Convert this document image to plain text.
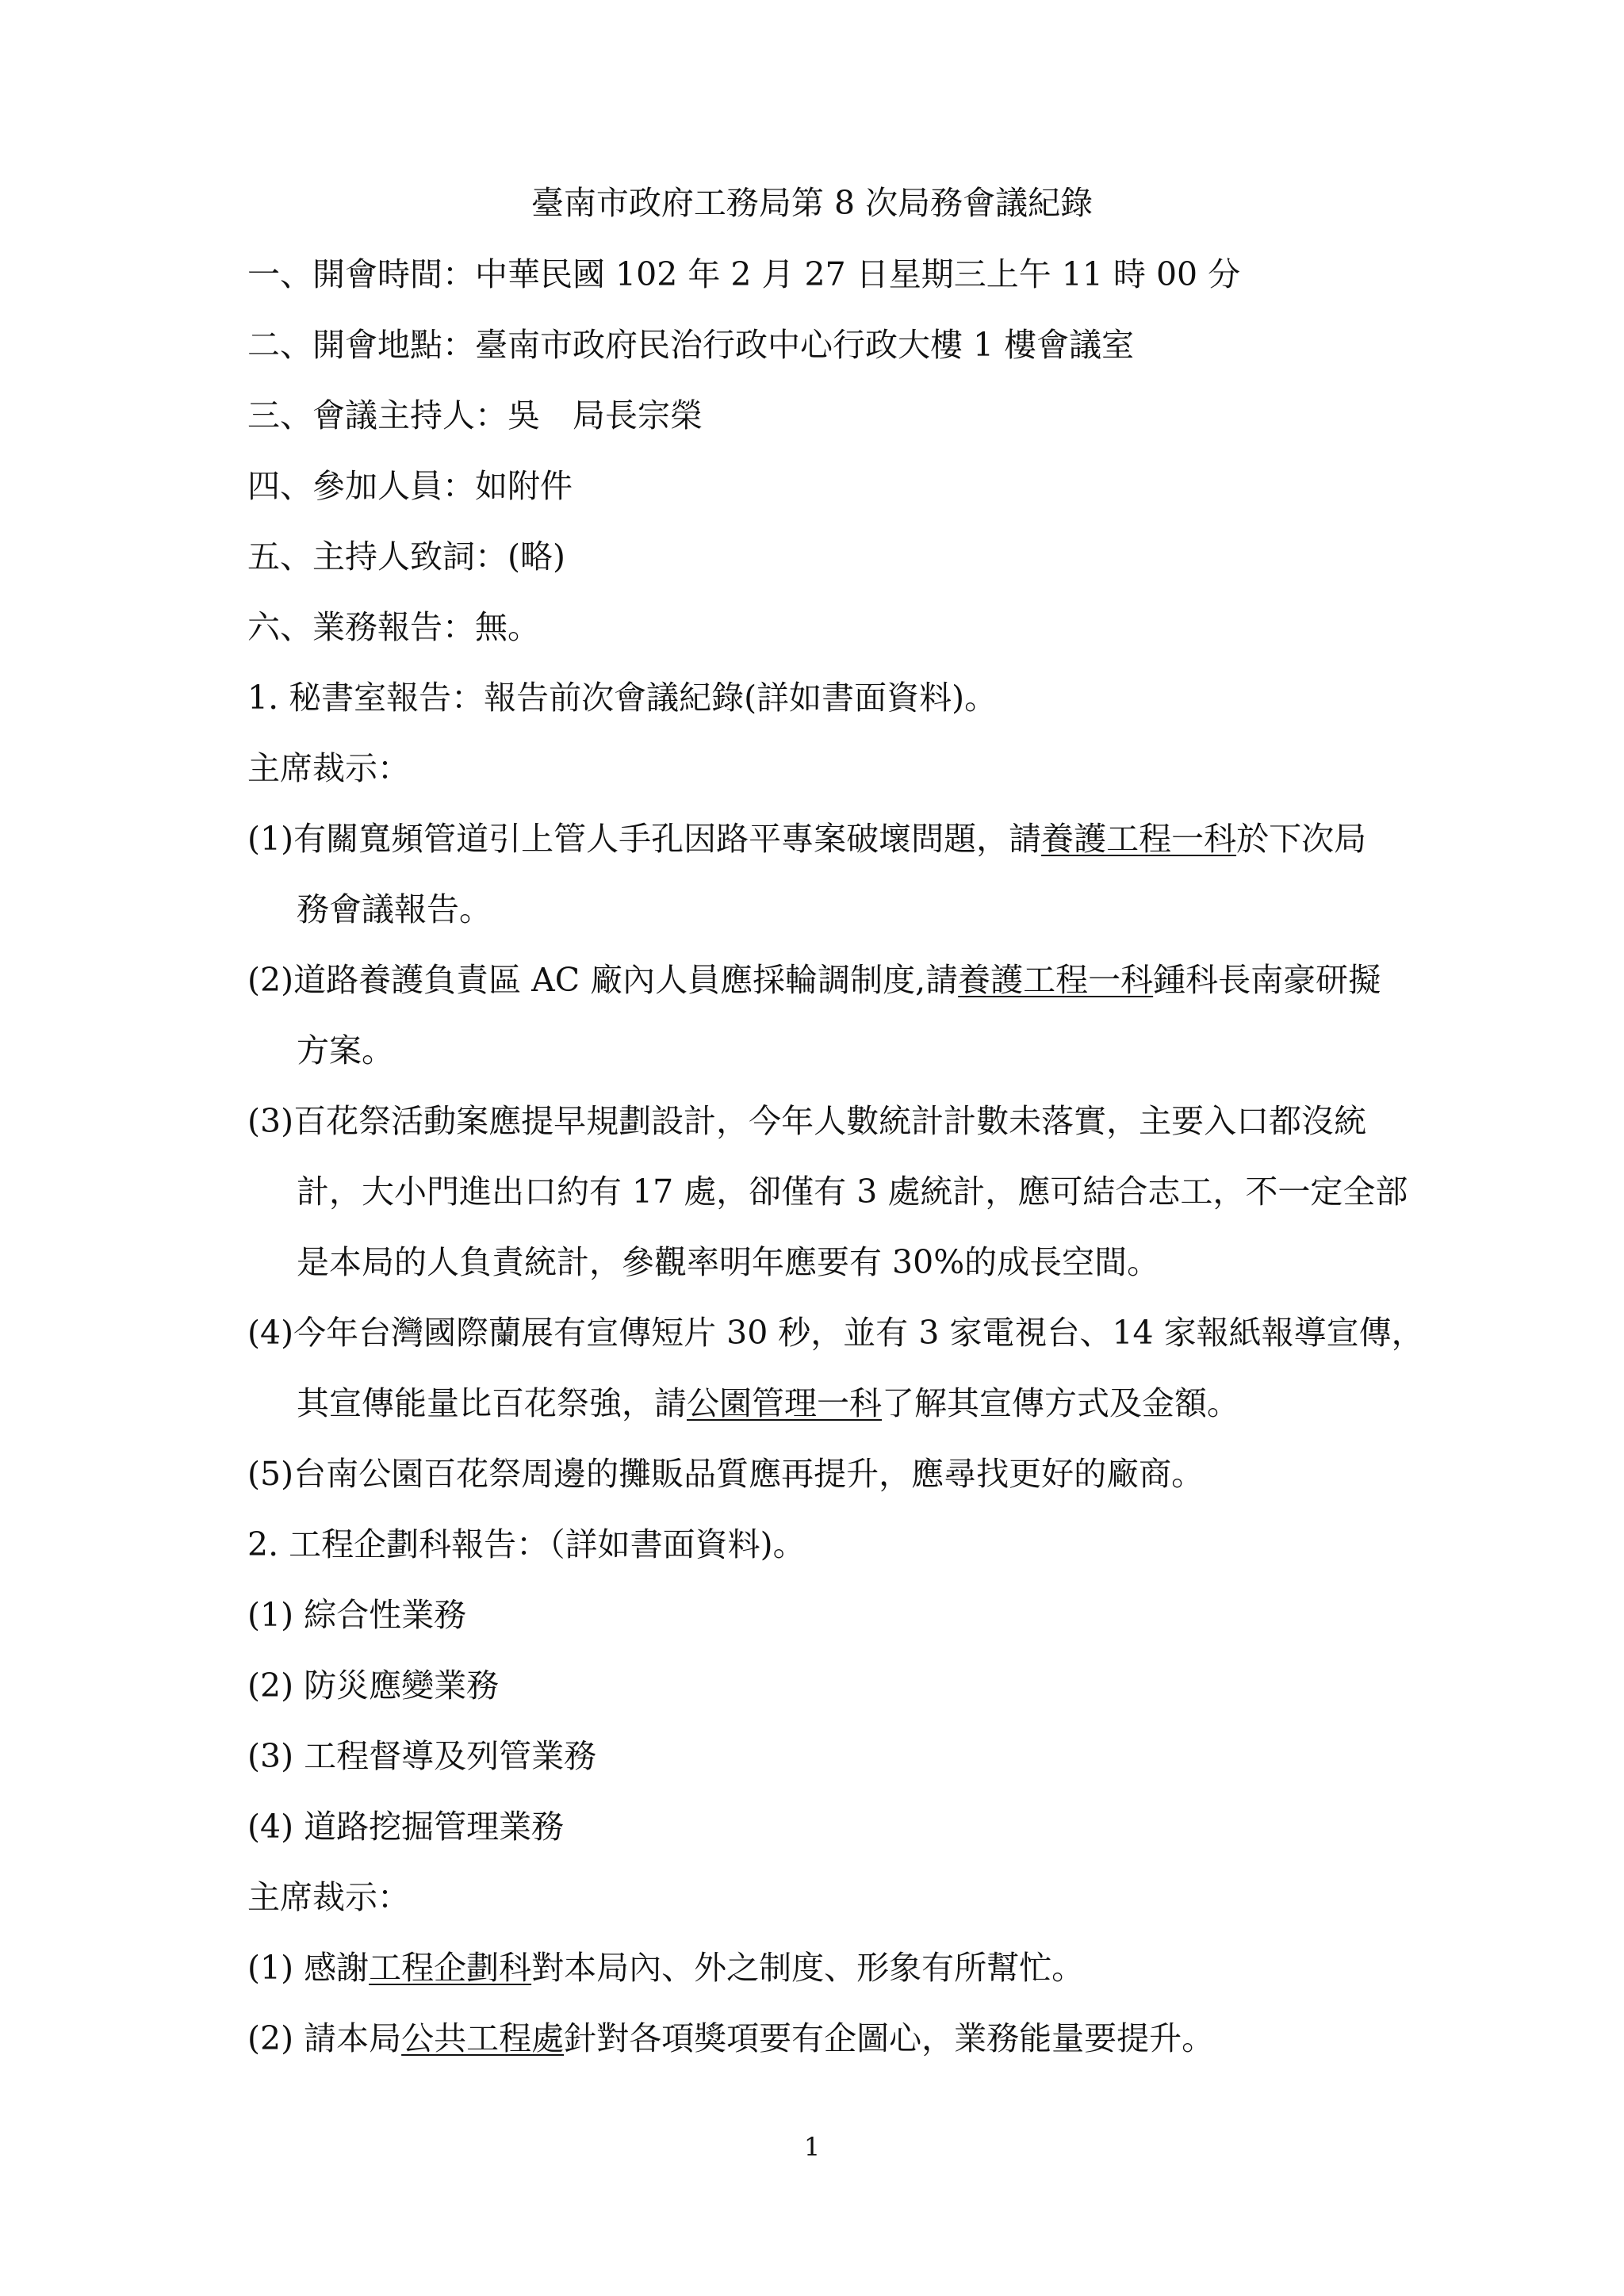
臺南市政府工務局第 8 次局務會議紀錄
一、開會時間：中華民國 102 年 2 月 27 日星期三上午 11 時 00 分
二、開會地點：臺南市政府民治行政中心行政大樓 1 樓會議室
三、會議主持人：吳　局長宗榮
四、參加人員：如附件
五、主持人致詞：(略)
六、業務報告：無。
1. 秘書室報告：報告前次會議紀錄(詳如書面資料)。
主席裁示：
(1)有關寬頻管道引上管人手孔因路平專案破壞問題，請養護工程一科於下次局
務會議報告。
(2)道路養護負責區 AC 廠內人員應採輪調制度,請養護工程一科鍾科長南豪研擬
方案。
(3)百花祭活動案應提早規劃設計，今年人數統計計數未落實，主要入口都沒統
計，大小門進出口約有 17 處，卻僅有 3 處統計，應可結合志工，不一定全部
是本局的人負責統計，參觀率明年應要有 30%的成長空間。
(4)今年台灣國際蘭展有宣傳短片 30 秒，並有 3 家電視台、14 家報紙報導宣傳，
其宣傳能量比百花祭強，請公園管理一科了解其宣傳方式及金額。
(5)台南公園百花祭周邊的攤販品質應再提升，應尋找更好的廠商。
2. 工程企劃科報告：（詳如書面資料)。
(1) 綜合性業務
(2) 防災應變業務
(3) 工程督導及列管業務
(4) 道路挖掘管理業務
主席裁示：
(1) 感謝工程企劃科對本局內、外之制度、形象有所幫忙。
(2) 請本局公共工程處針對各項獎項要有企圖心，業務能量要提升。
1
